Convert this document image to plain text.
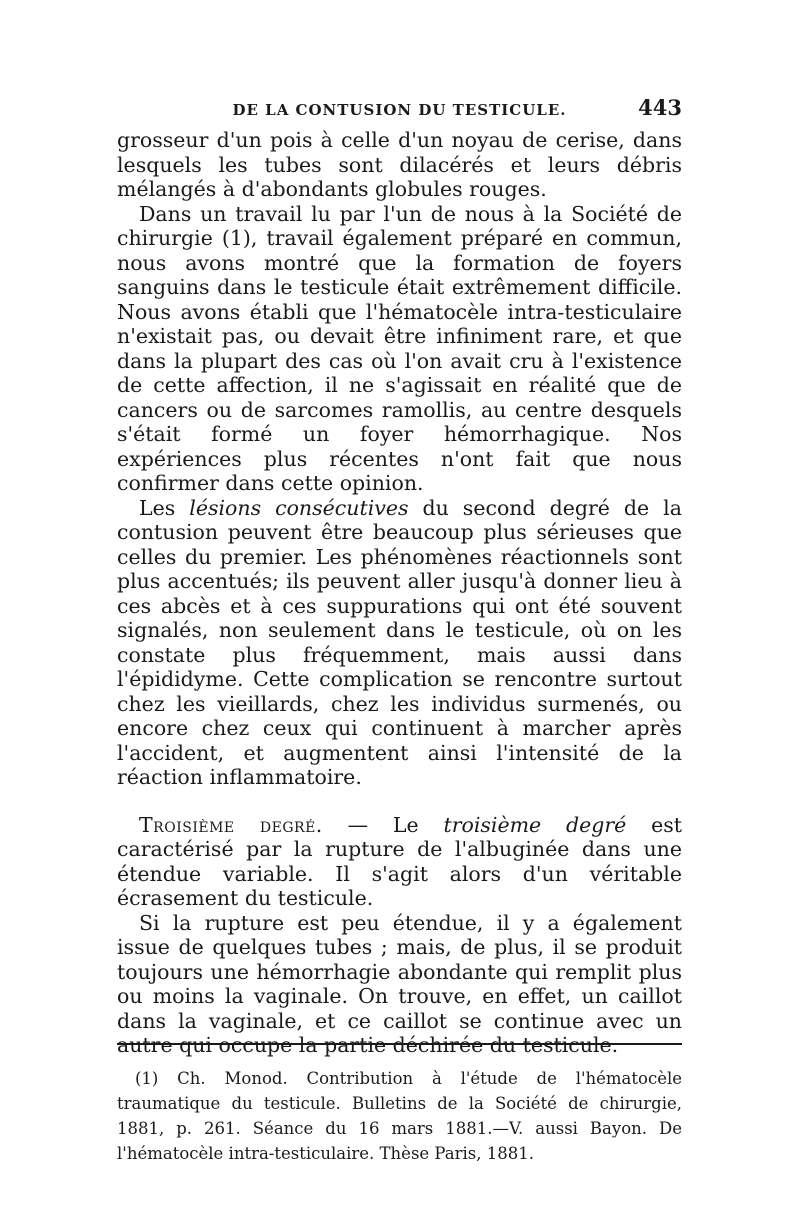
DE LA CONTUSION DU TESTICULE.	443

grosseur d'un pois à celle d'un noyau de cerise, dans lesquels les tubes sont dilacérés et leurs débris mélangés à d'abondants globules rouges.

Dans un travail lu par l'un de nous à la Société de chirurgie (1), travail également préparé en commun, nous avons montré que la formation de foyers sanguins dans le testicule était extrêmement difficile. Nous avons établi que l'hématocèle intra-testiculaire n'existait pas, ou devait être infiniment rare, et que dans la plupart des cas où l'on avait cru à l'existence de cette affection, il ne s'agissait en réalité que de cancers ou de sarcomes ramollis, au centre desquels s'était formé un foyer hémorrhagique. Nos expériences plus récentes n'ont fait que nous confirmer dans cette opinion.

Les lésions consécutives du second degré de la contusion peuvent être beaucoup plus sérieuses que celles du premier. Les phénomènes réactionnels sont plus accentués; ils peuvent aller jusqu'à donner lieu à ces abcès et à ces suppurations qui ont été souvent signalés, non seulement dans le testicule, où on les constate plus fréquemment, mais aussi dans l'épididyme. Cette complication se rencontre surtout chez les vieillards, chez les individus surmenés, ou encore chez ceux qui continuent à marcher après l'accident, et augmentent ainsi l'intensité de la réaction inflammatoire.

Troisième degré. — Le troisième degré est caractérisé par la rupture de l'albuginée dans une étendue variable. Il s'agit alors d'un véritable écrasement du testicule.

Si la rupture est peu étendue, il y a également issue de quelques tubes ; mais, de plus, il se produit toujours une hémorrhagie abondante qui remplit plus ou moins la vaginale. On trouve, en effet, un caillot dans la vaginale, et ce caillot se continue avec un autre qui occupe la partie déchirée du testicule.

(1) Ch. Monod. Contribution à l'étude de l'hématocèle traumatique du testicule. Bulletins de la Société de chirurgie, 1881, p. 261. Séance du 16 mars 1881.—V. aussi Bayon. De l'hématocèle intra-testiculaire. Thèse Paris, 1881.
